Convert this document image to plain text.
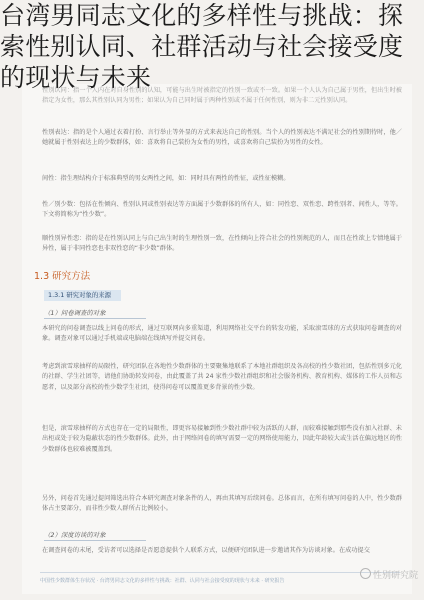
性别认同：指一个人内在对自身性别的认知，可能与出生时被指定的性别一致或不一致。如果一个人认为自己属于男性，但出生时被指定为女性，那么其性别认同为男性；如果认为自己同时属于两种性别或不属于任何性别，则为非二元性别认同。

性别表达：指的是个人通过衣着打扮、言行举止等外显的方式来表达自己的性别。当个人的性别表达不满足社会的性别期待时，他／她就属于性别表达上的少数群体，如：喜欢将自己装扮为女性的男性，或喜欢将自己装扮为男性的女性。

间性：指生理结构介于标准典型的男女两性之间，如：同时具有两性的性征，或性征模糊。

性／别少数：包括在性倾向、性别认同或性别表达等方面属于少数群体的所有人，如：同性恋、双性恋、跨性别者、间性人，等等。下文将简称为“性少数”。

顺性别异性恋：指的是在性别认同上与自己出生时的生理性别一致，在性倾向上符合社会的性别规范的人，而且在性欲上专情地属于异性，属于非同性恋也非双性恋的“非少数”群体。

1.3 研究方法
1.3.1 研究对象的来源
（1）问卷调查的对象

本研究的问卷调查以线上问卷的形式，通过互联网向多重渠道，利用网络社交平台的转发功能，采取滚雪球的方式获取问卷调查的对象。调查对象可以通过手机端或电脑端在线填写并提交问卷。

考虑到滚雪球抽样的局限性，研究团队在各地性少数群体的主要聚集地联系了本地社群组织及各高校的性少数社团，包括性别多元化的社群、学生社团等，请他们协助转发问卷，由此覆盖了共 24 家性少数社群组织和社会服务机构、教育机构、媒体的工作人员和志愿者，以及部分高校的性少数学生社团，使得问卷可以覆盖更多背景的性少数。

但是，滚雪球抽样的方式也存在一定的局限性，即更容易接触到性少数社群中较为活跃的人群，而较难接触到那些没有加入社群、未出柜或处于较为隐蔽状态的性少数群体。此外，由于网络问卷的填写需要一定的网络使用能力，因此年龄较大或生活在偏远地区的性少数群体也较难被覆盖到。

另外，问卷首先通过提问筛选出符合本研究调查对象条件的人，再由其填写后续问卷。总体而言，在所有填写问卷的人中，性少数群体占主要部分，而非性少数人群所占比例较小。

（2）深度访谈的对象

在调查问卷的末尾，受访者可以选择是否愿意提供个人联系方式，以便研究团队进一步邀请其作为访谈对象。在成功提交

中国性少数群体生存状况 · 台湾男同志文化的多样性与挑战：社群、认同与社会接受度的现状与未来 · 研究报告	性别研究院
台湾男同志文化的多样性与挑战：探
索性别认同、社群活动与社会接受度
的现状与未来
